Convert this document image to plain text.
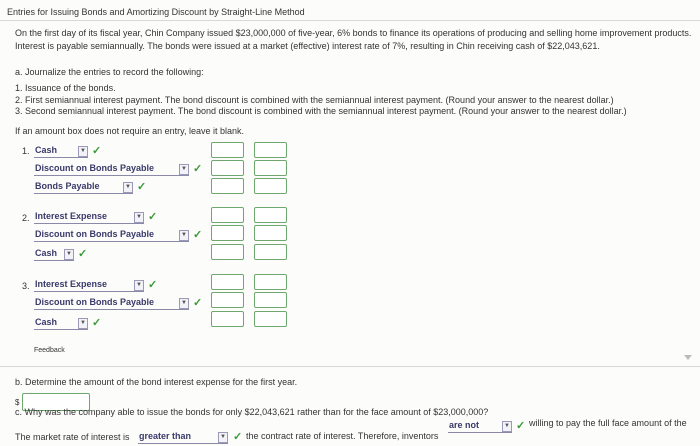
Entries for Issuing Bonds and Amortizing Discount by Straight-Line Method
On the first day of its fiscal year, Chin Company issued $23,000,000 of five-year, 6% bonds to finance its operations of producing and selling home improvement products.
Interest is payable semiannually. The bonds were issued at a market (effective) interest rate of 7%, resulting in Chin receiving cash of $22,043,621.
a. Journalize the entries to record the following:
1. Issuance of the bonds.
2. First semiannual interest payment. The bond discount is combined with the semiannual interest payment. (Round your answer to the nearest dollar.)
3. Second semiannual interest payment. The bond discount is combined with the semiannual interest payment. (Round your answer to the nearest dollar.)
If an amount box does not require an entry, leave it blank.
1. Cash	▼ ✓
Discount on Bonds Payable	▼ ✓
Bonds Payable	▼ ✓
2. Interest Expense	▼ ✓
Discount on Bonds Payable	▼ ✓
Cash	▼ ✓
3. Interest Expense	▼ ✓
Discount on Bonds Payable	▼ ✓
Cash	▼ ✓
Feedback
b. Determine the amount of the bond interest expense for the first year.
$
c. Why was the company able to issue the bonds for only $22,043,621 rather than for the face amount of $23,000,000?
The market rate of interest is greater than	▼ ✓ the contract rate of interest. Therefore, inventors
are not	▼ ✓ willing to pay the full face amount of the
